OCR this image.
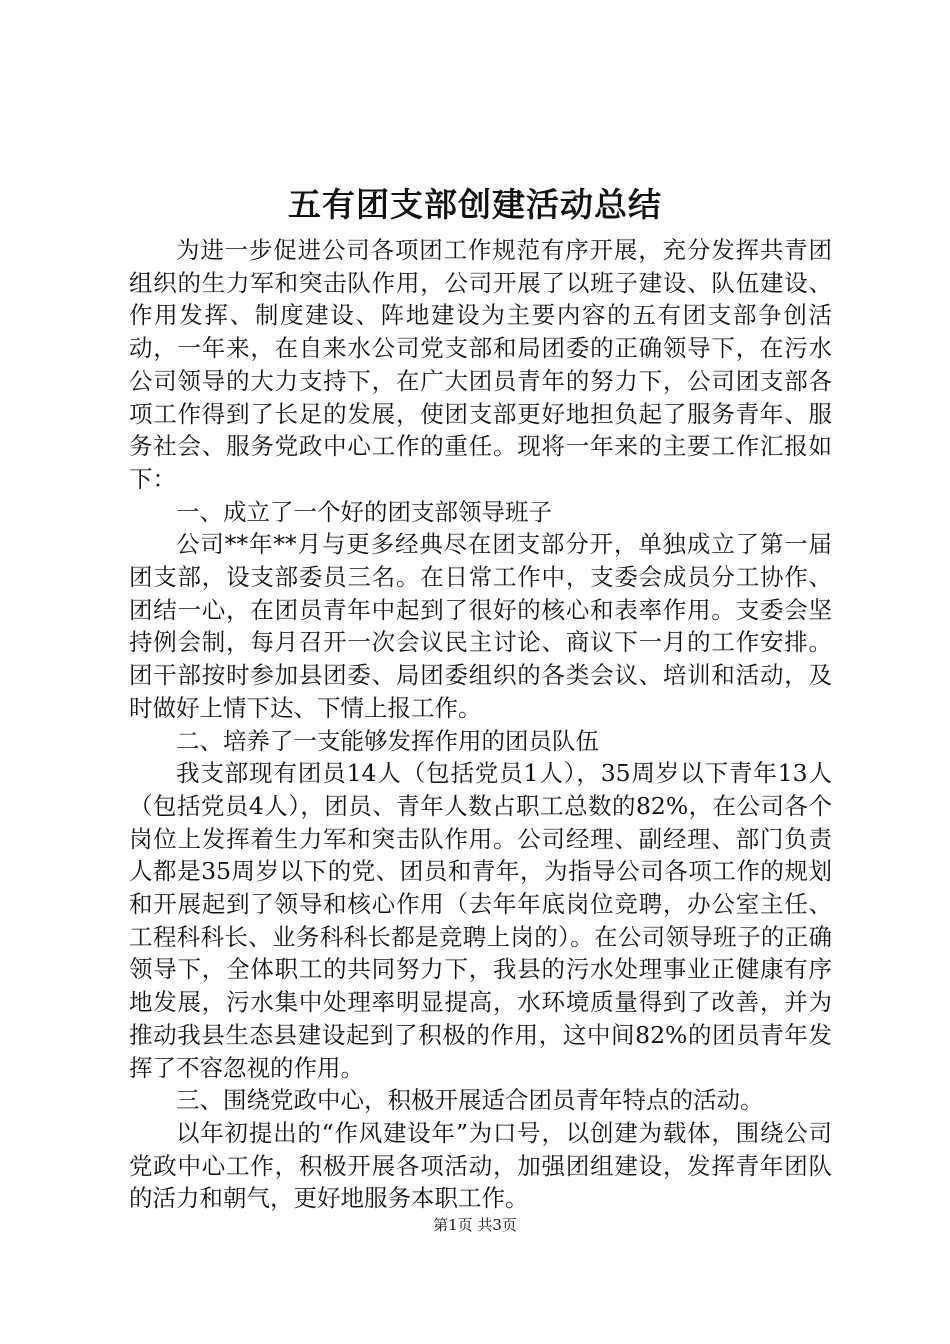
五有团支部创建活动总结

为进一步促进公司各项团工作规范有序开展，充分发挥共青团组织的生力军和突击队作用，公司开展了以班子建设、队伍建设、作用发挥、制度建设、阵地建设为主要内容的五有团支部争创活动，一年来，在自来水公司党支部和局团委的正确领导下，在污水公司领导的大力支持下，在广大团员青年的努力下，公司团支部各项工作得到了长足的发展，使团支部更好地担负起了服务青年、服务社会、服务党政中心工作的重任。现将一年来的主要工作汇报如下：

一、成立了一个好的团支部领导班子

公司**年**月与更多经典尽在团支部分开，单独成立了第一届团支部，设支部委员三名。在日常工作中，支委会成员分工协作、团结一心，在团员青年中起到了很好的核心和表率作用。支委会坚持例会制，每月召开一次会议民主讨论、商议下一月的工作安排。团干部按时参加县团委、局团委组织的各类会议、培训和活动，及时做好上情下达、下情上报工作。

二、培养了一支能够发挥作用的团员队伍

我支部现有团员14人（包括党员1人），35周岁以下青年13人（包括党员4人），团员、青年人数占职工总数的82%，在公司各个岗位上发挥着生力军和突击队作用。公司经理、副经理、部门负责人都是35周岁以下的党、团员和青年，为指导公司各项工作的规划和开展起到了领导和核心作用（去年年底岗位竞聘，办公室主任、工程科科长、业务科科长都是竞聘上岗的）。在公司领导班子的正确领导下，全体职工的共同努力下，我县的污水处理事业正健康有序地发展，污水集中处理率明显提高，水环境质量得到了改善，并为推动我县生态县建设起到了积极的作用，这中间82%的团员青年发挥了不容忽视的作用。

三、围绕党政中心，积极开展适合团员青年特点的活动。

以年初提出的“作风建设年”为口号，以创建为载体，围绕公司党政中心工作，积极开展各项活动，加强团组建设，发挥青年团队的活力和朝气，更好地服务本职工作。

第1页 共3页
